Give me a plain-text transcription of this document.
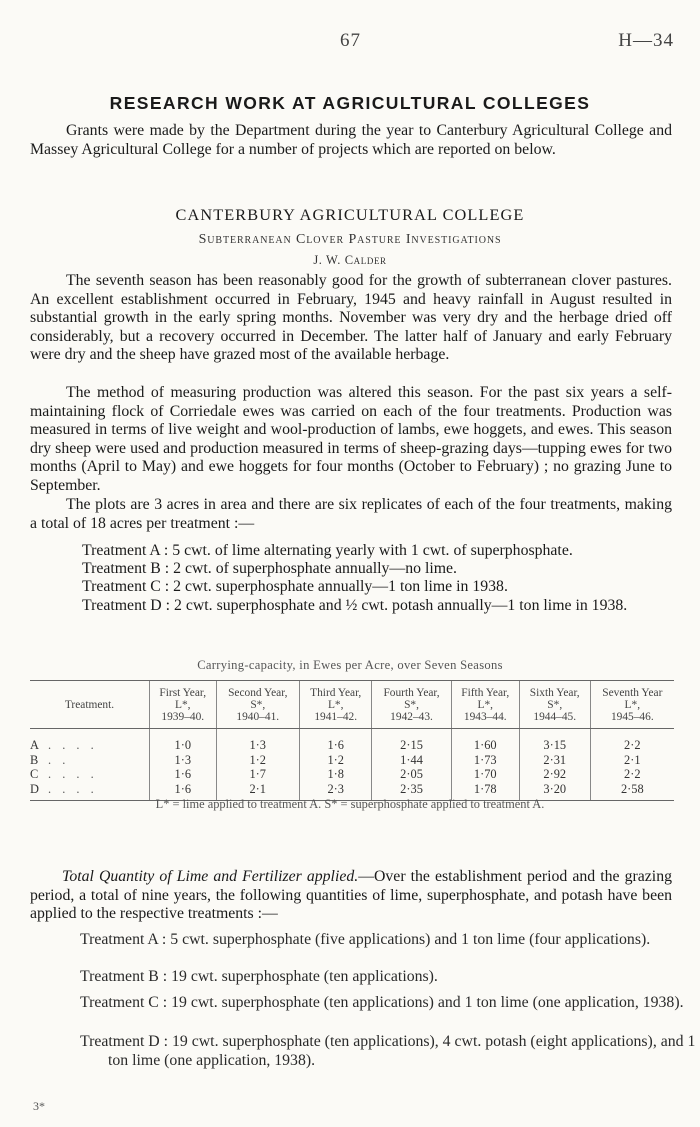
67	H—34
RESEARCH WORK AT AGRICULTURAL COLLEGES

Grants were made by the Department during the year to Canterbury Agricultural College and Massey Agricultural College for a number of projects which are reported on below.

CANTERBURY AGRICULTURAL COLLEGE
Subterranean Clover Pasture Investigations
J. W. Calder

The seventh season has been reasonably good for the growth of subterranean clover pastures. An excellent establishment occurred in February, 1945 and heavy rainfall in August resulted in substantial growth in the early spring months. November was very dry and the herbage dried off considerably, but a recovery occurred in December. The latter half of January and early February were dry and the sheep have grazed most of the available herbage.

The method of measuring production was altered this season. For the past six years a self-maintaining flock of Corriedale ewes was carried on each of the four treatments. Production was measured in terms of live weight and wool-production of lambs, ewe hoggets, and ewes. This season dry sheep were used and production measured in terms of sheep-grazing days—tupping ewes for two months (April to May) and ewe hoggets for four months (October to February) ; no grazing June to September.

The plots are 3 acres in area and there are six replicates of each of the four treatments, making a total of 18 acres per treatment :—

Treatment A : 5 cwt. of lime alternating yearly with 1 cwt. of superphosphate.

Treatment B : 2 cwt. of superphosphate annually—no lime.

Treatment C : 2 cwt. superphosphate annually—1 ton lime in 1938.

Treatment D : 2 cwt. superphosphate and ½ cwt. potash annually—1 ton lime in 1938.

Carrying-capacity, in Ewes per Acre, over Seven Seasons
Treatment.	First Year,
L*,
1939–40.	Second Year,
S*,
1940–41.	Third Year,
L*,
1941–42.	Fourth Year,
S*,
1942–43.	Fifth Year,
L*,
1943–44.	Sixth Year,
S*,
1944–45.	Seventh Year
L*,
1945–46.
A . . . .	1·0	1·3	1·6	2·15	1·60	3·15	2·2
B . .	1·3	1·2	1·2	1·44	1·73	2·31	2·1
C . . . .	1·6	1·7	1·8	2·05	1·70	2·92	2·2
D . . . .	1·6	2·1	2·3	2·35	1·78	3·20	2·58
L* = lime applied to treatment A. S* = superphosphate applied to treatment A.

Total Quantity of Lime and Fertilizer applied.—Over the establishment period and the grazing period, a total of nine years, the following quantities of lime, superphosphate, and potash have been applied to the respective treatments :—

Treatment A : 5 cwt. superphosphate (five applications) and 1 ton lime (four applications).

Treatment B : 19 cwt. superphosphate (ten applications).

Treatment C : 19 cwt. superphosphate (ten applications) and 1 ton lime (one application, 1938).

Treatment D : 19 cwt. superphosphate (ten applications), 4 cwt. potash (eight applications), and 1 ton lime (one application, 1938).

3*
